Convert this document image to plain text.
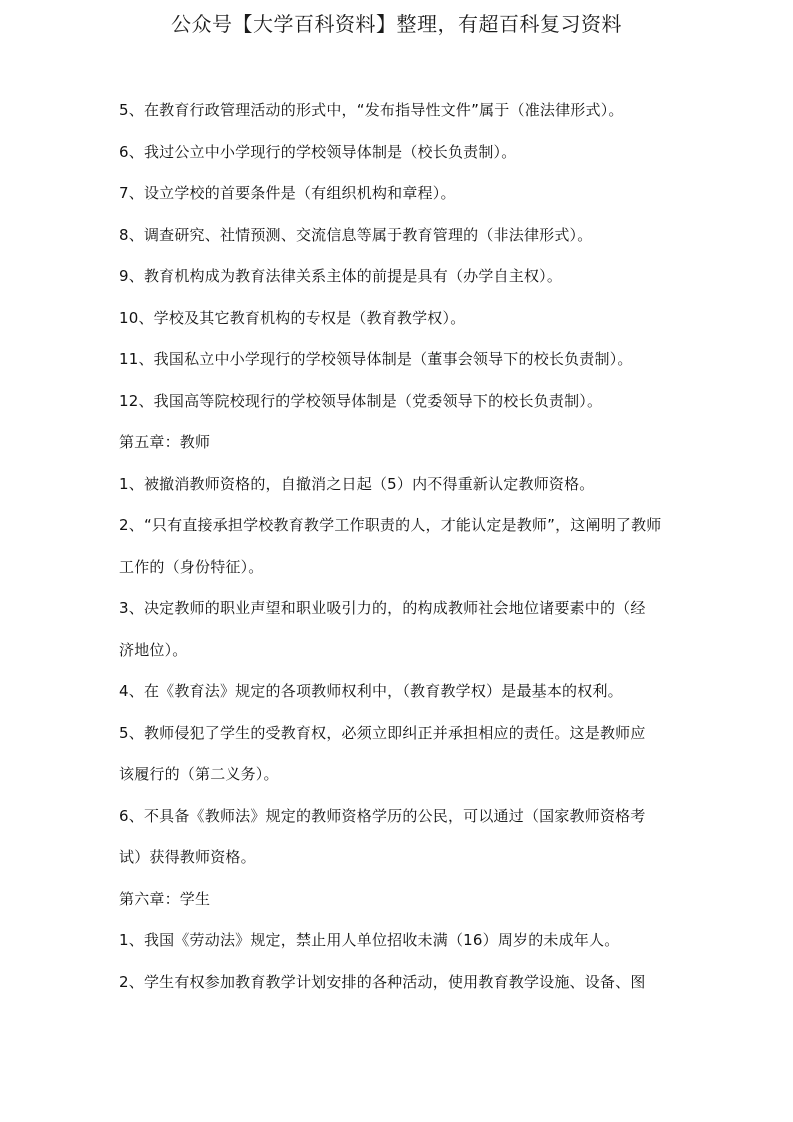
公众号【大学百科资料】整理，有超百科复习资料
5、在教育行政管理活动的形式中，“发布指导性文件”属于（准法律形式）。
6、我过公立中小学现行的学校领导体制是（校长负责制）。
7、设立学校的首要条件是（有组织机构和章程）。
8、调查研究、社情预测、交流信息等属于教育管理的（非法律形式）。
9、教育机构成为教育法律关系主体的前提是具有（办学自主权）。
10、学校及其它教育机构的专权是（教育教学权）。
11、我国私立中小学现行的学校领导体制是（董事会领导下的校长负责制）。
12、我国高等院校现行的学校领导体制是（党委领导下的校长负责制）。
第五章：教师
1、被撤消教师资格的，自撤消之日起（5）内不得重新认定教师资格。
2、“只有直接承担学校教育教学工作职责的人，才能认定是教师”，这阐明了教师
工作的（身份特征）。
3、决定教师的职业声望和职业吸引力的，的构成教师社会地位诸要素中的（经
济地位）。
4、在《教育法》规定的各项教师权利中，（教育教学权）是最基本的权利。
5、教师侵犯了学生的受教育权，必须立即纠正并承担相应的责任。这是教师应
该履行的（第二义务）。
6、不具备《教师法》规定的教师资格学历的公民，可以通过（国家教师资格考
试）获得教师资格。
第六章：学生
1、我国《劳动法》规定，禁止用人单位招收未满（16）周岁的未成年人。
2、学生有权参加教育教学计划安排的各种活动，使用教育教学设施、设备、图
